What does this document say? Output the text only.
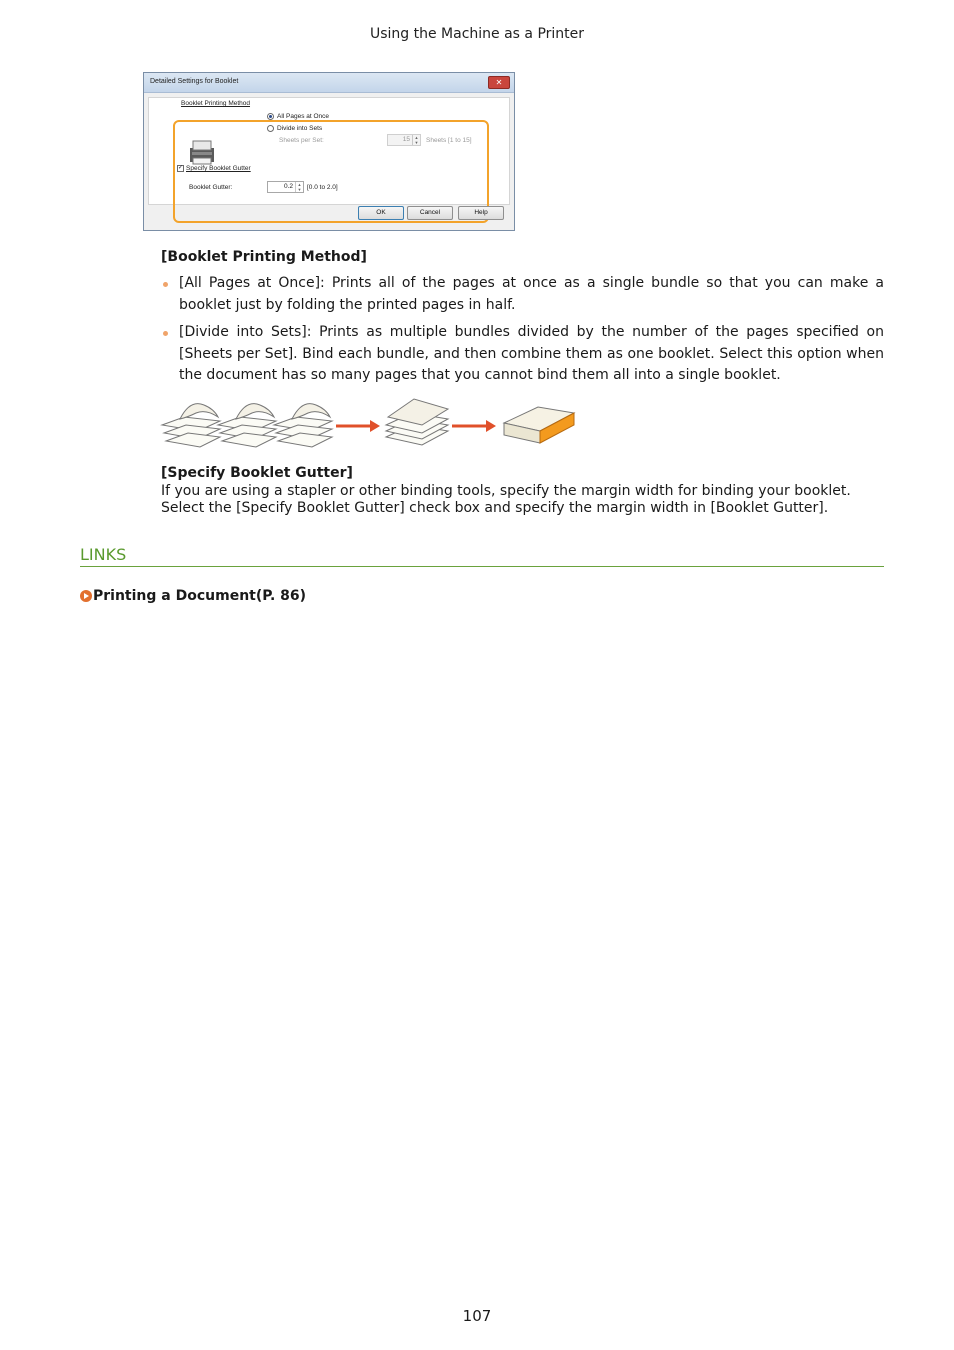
Using the Machine as a Printer
Detailed Settings for Booklet	✕
Booklet Printing Method
All Pages at Once
Divide into Sets
Sheets per Set:	15	▲
▼ Sheets [1 to 15]
✓ Specify Booklet Gutter
Booklet Gutter:	0.2	▲
▼ [0.0 to 2.0]
OK	Cancel	Help
[Booklet Printing Method]
[All Pages at Once]: Prints all of the pages at once as a single bundle so that you can make a booklet just by folding the printed pages in half.
[Divide into Sets]: Prints as multiple bundles divided by the number of the pages specified on [Sheets per Set]. Bind each bundle, and then combine them as one booklet. Select this option when the document has so many pages that you cannot bind them all into a single booklet.
[Specify Booklet Gutter]
If you are using a stapler or other binding tools, specify the margin width for binding your booklet. Select the [Specify Booklet Gutter] check box and specify the margin width in [Booklet Gutter].
LINKS
Printing a Document(P. 86)
107
